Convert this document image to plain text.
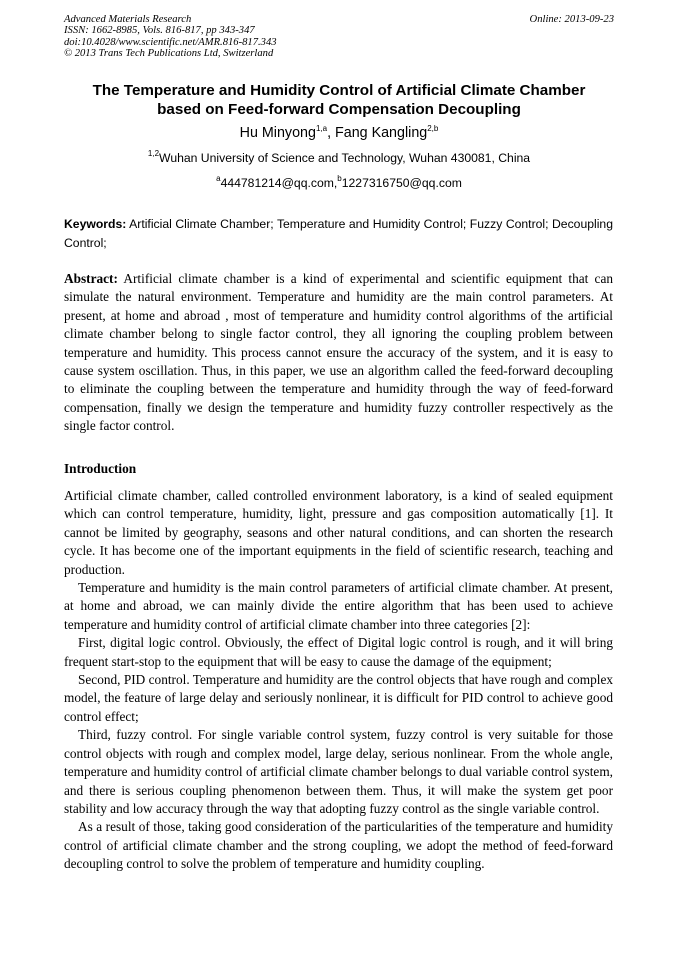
Advanced Materials Research
ISSN: 1662-8985, Vols. 816-817, pp 343-347
doi:10.4028/www.scientific.net/AMR.816-817.343
© 2013 Trans Tech Publications Ltd, Switzerland
Online: 2013-09-23
The Temperature and Humidity Control of Artificial Climate Chamber
based on Feed-forward Compensation Decoupling
Hu Minyong$^{1,a}$, Fang Kangling$^{2,b}$
$^{1,2}$Wuhan University of Science and Technology, Wuhan 430081, China
$^a$444781214@qq.com,$^b$1227316750@qq.com
Keywords: Artificial Climate Chamber; Temperature and Humidity Control; Fuzzy Control; Decoupling Control;
Abstract: Artificial climate chamber is a kind of experimental and scientific equipment that can simulate the natural environment. Temperature and humidity are the main control parameters. At present, at home and abroad , most of temperature and humidity control algorithms of the artificial climate chamber belong to single factor control, they all ignoring the coupling problem between temperature and humidity. This process cannot ensure the accuracy of the system, and it is easy to cause system oscillation. Thus, in this paper, we use an algorithm called the feed-forward decoupling to eliminate the coupling between the temperature and humidity through the way of feed-forward compensation, finally we design the temperature and humidity fuzzy controller respectively as the single factor control.
Introduction

Artificial climate chamber, called controlled environment laboratory, is a kind of sealed equipment which can control temperature, humidity, light, pressure and gas composition automatically [1]. It cannot be limited by geography, seasons and other natural conditions, and can shorten the research cycle. It has become one of the important equipments in the field of scientific research, teaching and production.

Temperature and humidity is the main control parameters of artificial climate chamber. At present, at home and abroad, we can mainly divide the entire algorithm that has been used to achieve temperature and humidity control of artificial climate chamber into three categories [2]:

First, digital logic control. Obviously, the effect of Digital logic control is rough, and it will bring frequent start-stop to the equipment that will be easy to cause the damage of the equipment;

Second, PID control. Temperature and humidity are the control objects that have rough and complex model, the feature of large delay and seriously nonlinear, it is difficult for PID control to achieve good control effect;

Third, fuzzy control. For single variable control system, fuzzy control is very suitable for those control objects with rough and complex model, large delay, serious nonlinear. From the whole angle, temperature and humidity control of artificial climate chamber belongs to dual variable control system, and there is serious coupling phenomenon between them. Thus, it will make the system get poor stability and low accuracy through the way that adopting fuzzy control as the single variable control.

As a result of those, taking good consideration of the particularities of the temperature and humidity control of artificial climate chamber and the strong coupling, we adopt the method of feed-forward decoupling control to solve the problem of temperature and humidity coupling.
